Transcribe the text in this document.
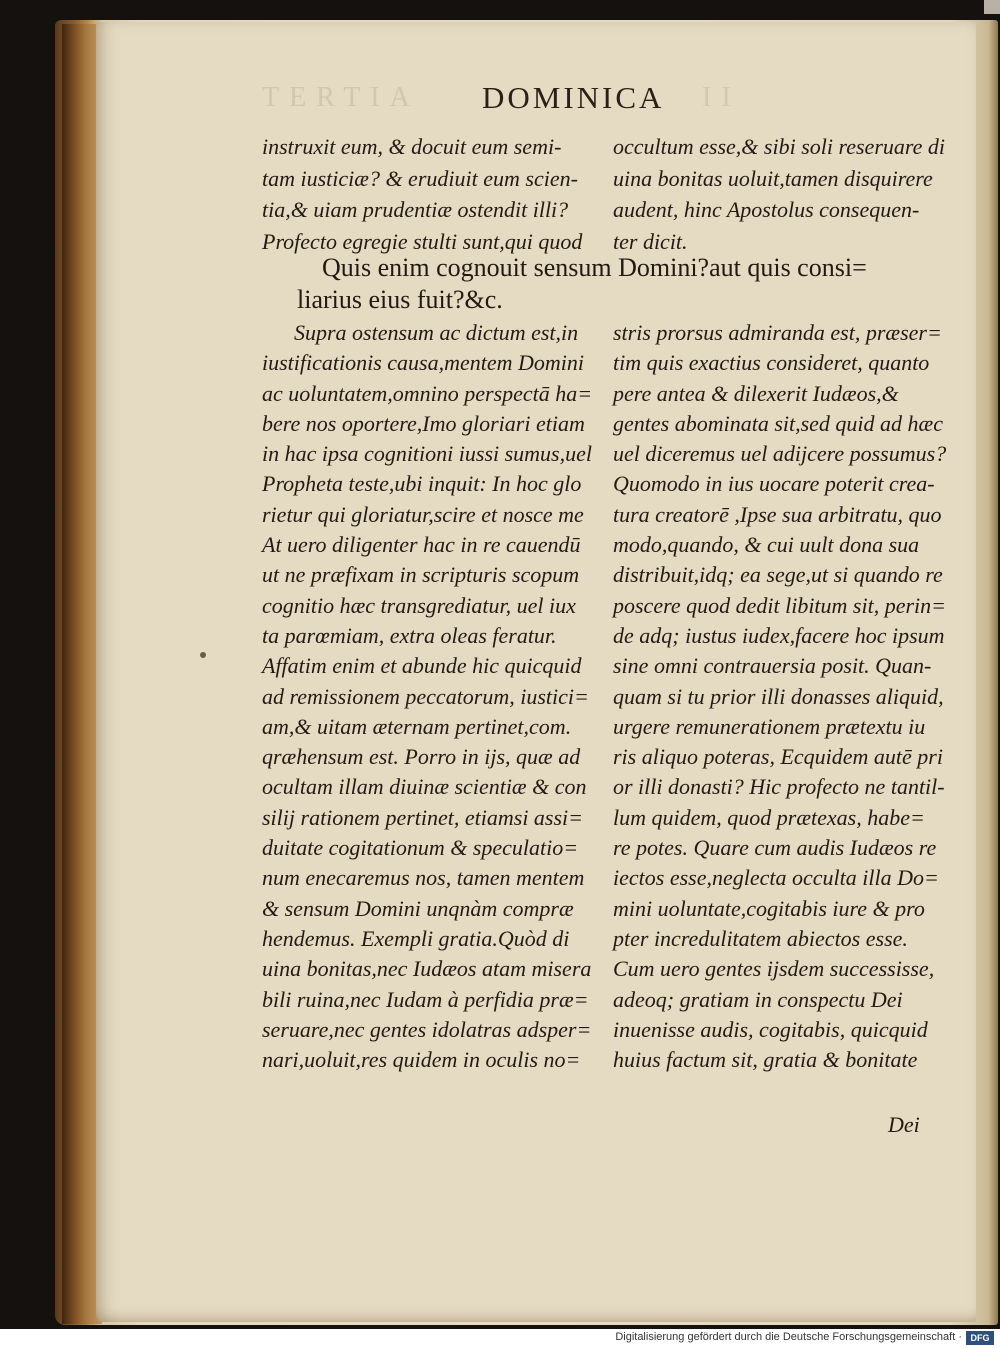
TERTIA DOMINICA II
instruxit eum, & docuit eum semi-
tam iusticiæ? & erudiuit eum scien-
tia,& uiam prudentiæ ostendit illi?
Profecto egregie stulti sunt,qui quod
occultum esse,& sibi soli reseruare di
uina bonitas uoluit,tamen disquirere
audent, hinc Apostolus consequen-
ter dicit.
Quis enim cognouit sensum Domini?aut quis consi=
liarius eius fuit?&c.
Supra ostensum ac dictum est,in
iustificationis causa,mentem Domini
ac uoluntatem,omnino perspectā ha=
bere nos oportere,Imo gloriari etiam
in hac ipsa cognitioni iussi sumus,uel
Propheta teste,ubi inquit: In hoc glo
rietur qui gloriatur,scire et nosce me
At uero diligenter hac in re cauendū
ut ne præfixam in scripturis scopum
cognitio hæc transgrediatur, uel iux
ta parœmiam, extra oleas feratur.
Affatim enim et abunde hic quicquid
ad remissionem peccatorum, iustici=
am,& uitam æternam pertinet,com.
qræhensum est. Porro in ijs, quæ ad
ocultam illam diuinæ scientiæ & con
silij rationem pertinet, etiamsi assi=
duitate cogitationum & speculatio=
num enecaremus nos, tamen mentem
& sensum Domini unqnàm compræ
hendemus. Exempli gratia.Quòd di
uina bonitas,nec Iudæos atam misera
bili ruina,nec Iudam à perfidia præ=
seruare,nec gentes idolatras adsper=
nari,uoluit,res quidem in oculis no=
stris prorsus admiranda est, præser=
tim quis exactius consideret, quanto
pere antea & dilexerit Iudæos,&
gentes abominata sit,sed quid ad hæc
uel diceremus uel adijcere possumus?
Quomodo in ius uocare poterit crea-
tura creatorē ,Ipse sua arbitratu, quo
modo,quando, & cui uult dona sua
distribuit,idq; ea sege,ut si quando re
poscere quod dedit libitum sit, perin=
de adq; iustus iudex,facere hoc ipsum
sine omni contrauersia posit. Quan-
quam si tu prior illi donasses aliquid,
urgere remunerationem prætextu iu
ris aliquo poteras, Ecquidem autē pri
or illi donasti? Hic profecto ne tantil-
lum quidem, quod prætexas, habe=
re potes. Quare cum audis Iudæos re
iectos esse,neglecta occulta illa Do=
mini uoluntate,cogitabis iure & pro
pter incredulitatem abiectos esse.
Cum uero gentes ijsdem successisse,
adeoq; gratiam in conspectu Dei
inuenisse audis, cogitabis, quicquid
huius factum sit, gratia & bonitate
Dei
Digitalisierung gefördert durch die Deutsche Forschungsgemeinschaft · DFG
